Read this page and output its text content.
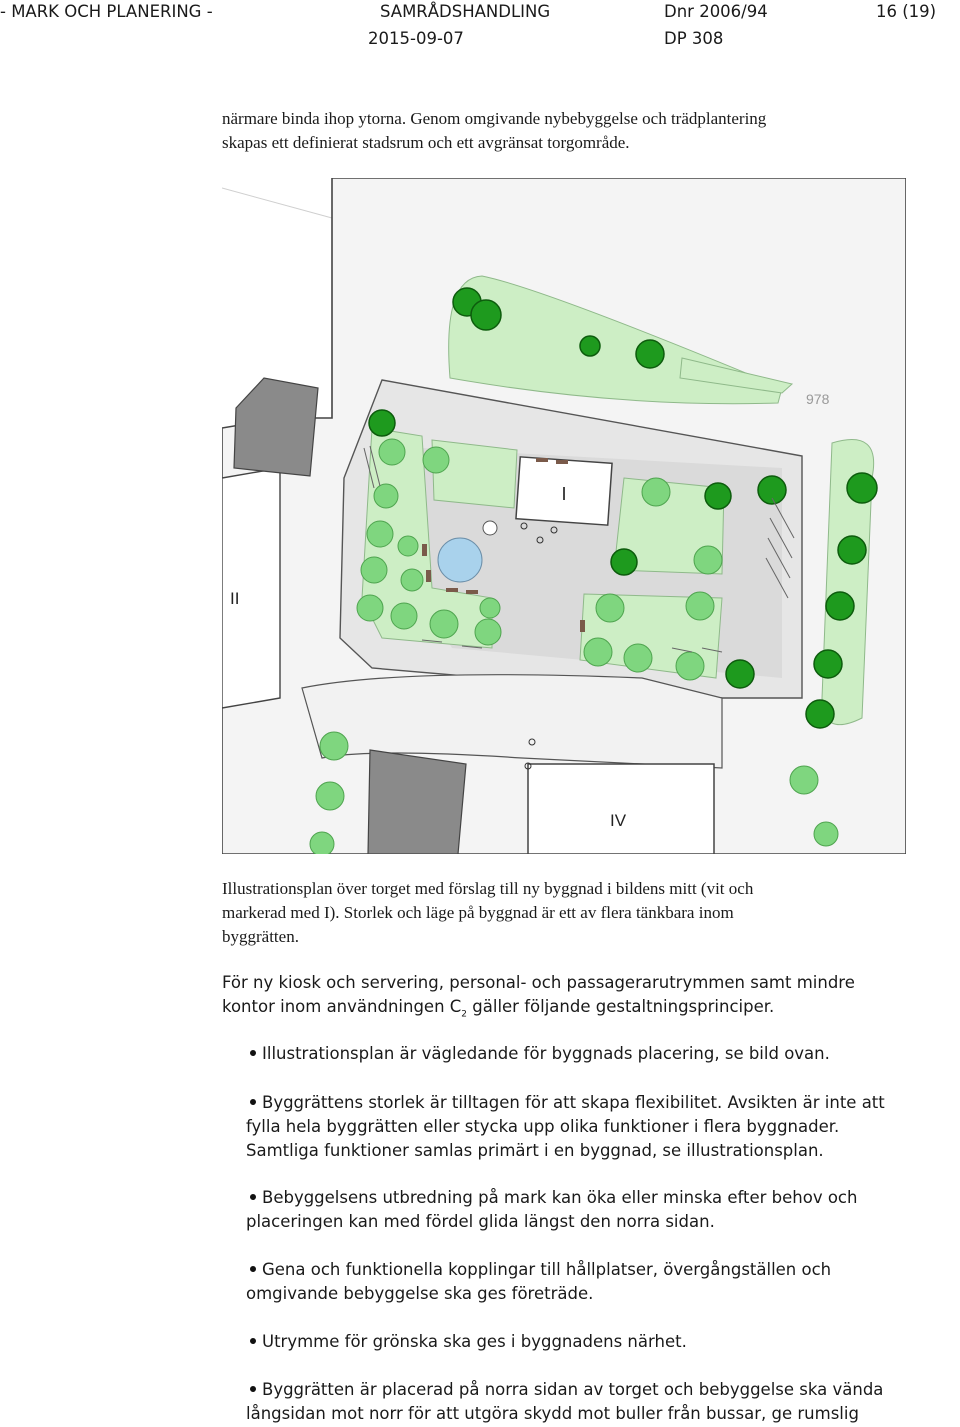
- MARK OCH PLANERING -	SAMRÅDSHANDLING
2015-09-07
Dnr 2006/94
DP 308
16 (19)
närmare binda ihop ytorna. Genom omgivande nybebyggelse och trädplantering
skapas ett definierat stadsrum och ett avgränsat torgområde.
I
II
IV
978
Illustrationsplan över torget med förslag till ny byggnad i bildens mitt (vit och
markerad med I). Storlek och läge på byggnad är ett av flera tänkbara inom
byggrätten.
För ny kiosk och servering, personal- och passagerarutrymmen samt mindre
kontor inom användningen $C_2$ gäller följande gestaltningsprinciper.
Illustrationsplan är vägledande för byggnads placering, se bild ovan.
Byggrättens storlek är tilltagen för att skapa flexibilitet. Avsikten är inte att
fylla hela byggrätten eller stycka upp olika funktioner i flera byggnader.
Samtliga funktioner samlas primärt i en byggnad, se illustrationsplan.
Bebyggelsens utbredning på mark kan öka eller minska efter behov och
placeringen kan med fördel glida längst den norra sidan.
Gena och funktionella kopplingar till hållplatser, övergångställen och
omgivande bebyggelse ska ges företräde.
Utrymme för grönska ska ges i byggnadens närhet.
Byggrätten är placerad på norra sidan av torget och bebyggelse ska vända
långsidan mot norr för att utgöra skydd mot buller från bussar, ge rumslig
